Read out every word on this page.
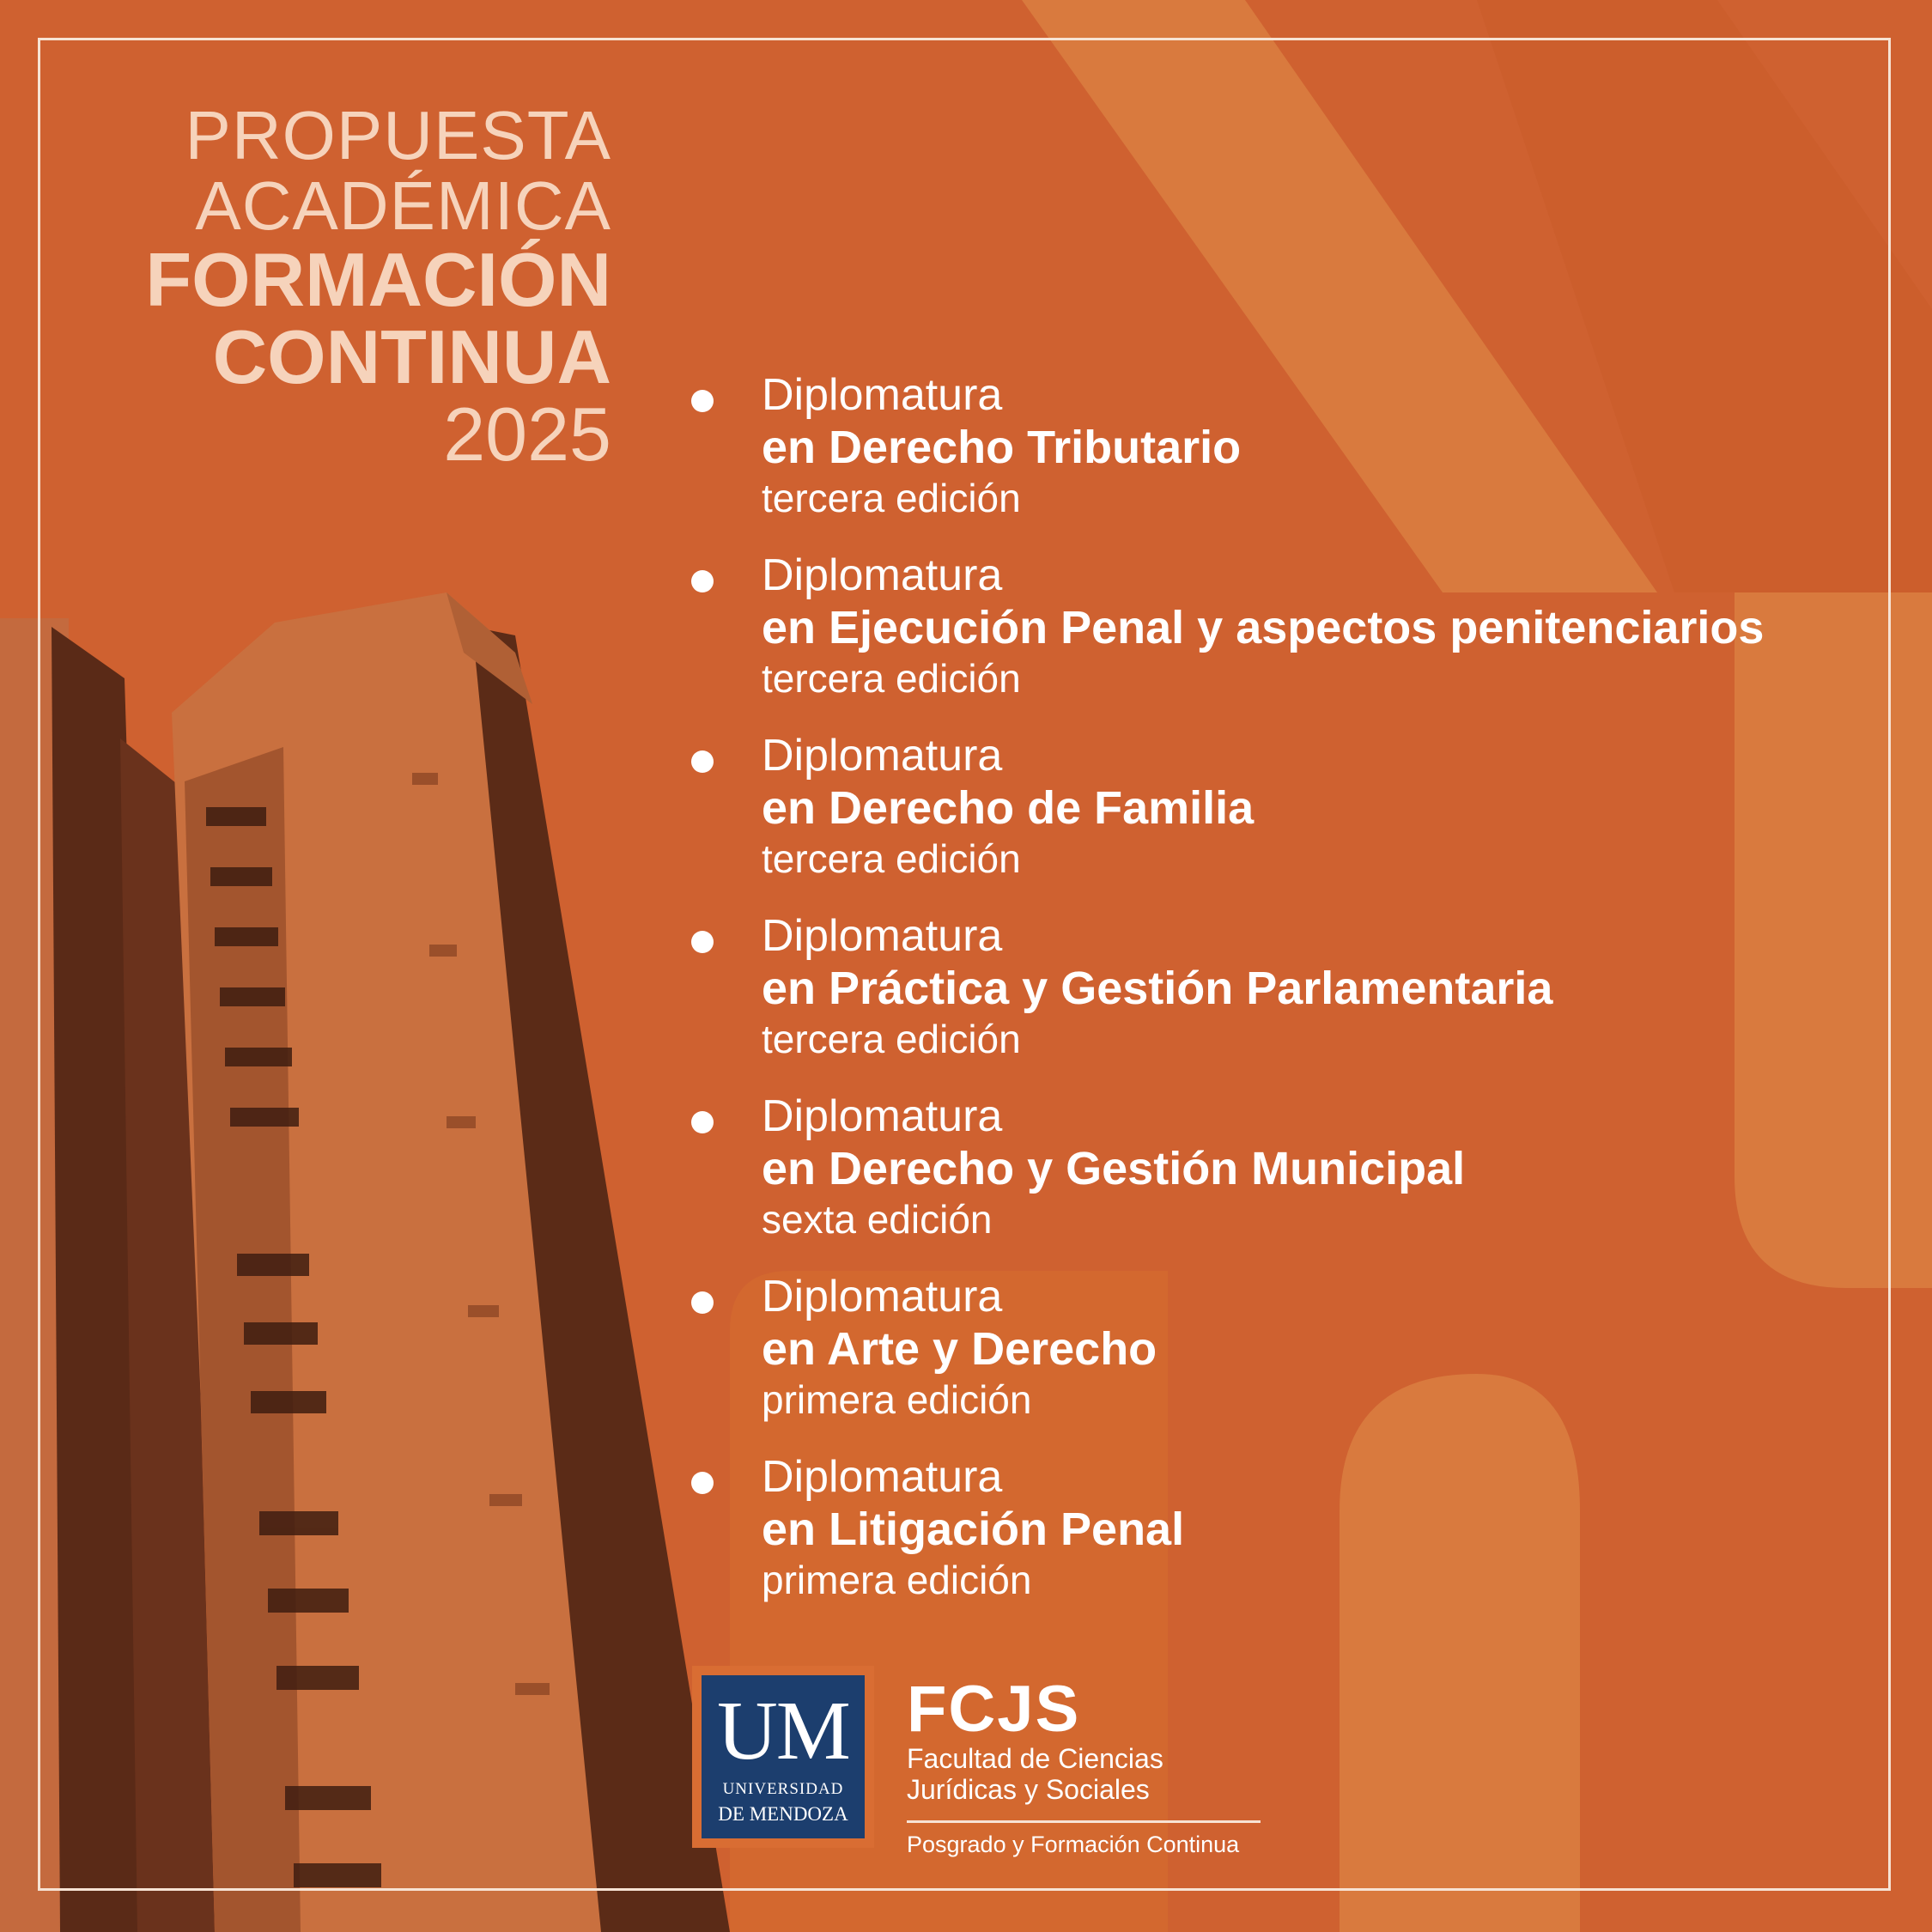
PROPUESTA
ACADÉMICA
FORMACIÓN
CONTINUA
2025	Diplomatura
en Derecho Tributario
tercera edición
Diplomatura
en Ejecución Penal y aspectos penitenciarios
tercera edición
Diplomatura
en Derecho de Familia
tercera edición
Diplomatura
en Práctica y Gestión Parlamentaria
tercera edición
Diplomatura
en Derecho y Gestión Municipal
sexta edición
Diplomatura
en Arte y Derecho
primera edición
Diplomatura
en Litigación Penal
primera edición
UM
UNIVERSIDAD
DE MENDOZA
FCJS
Facultad de Ciencias
Jurídicas y Sociales
Posgrado y Formación Continua
